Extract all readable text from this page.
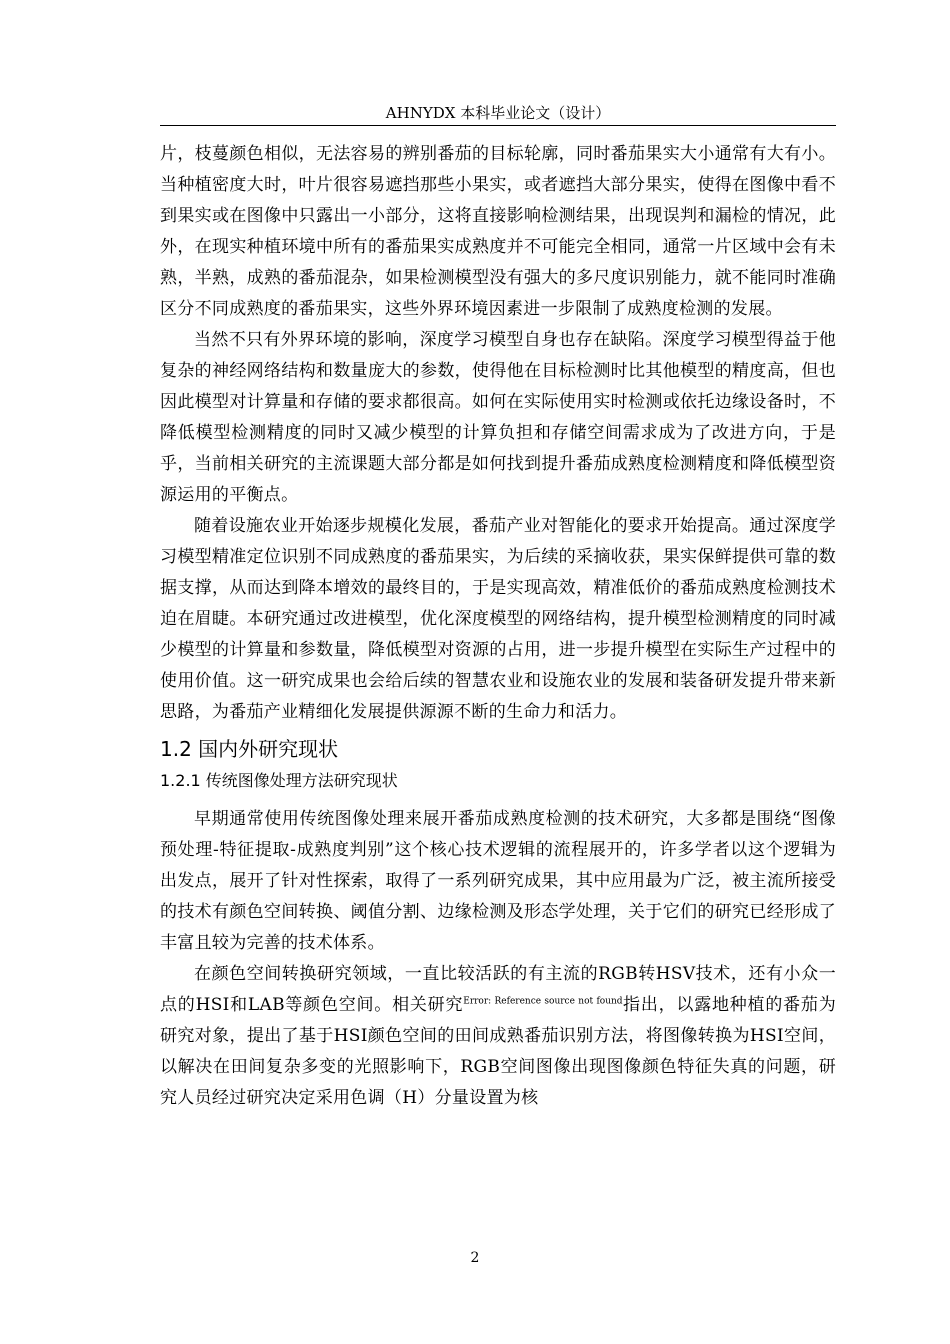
AHNYDX 本科毕业论文（设计）

片，枝蔓颜色相似，无法容易的辨别番茄的目标轮廓，同时番茄果实大小通常有大有小。当种植密度大时，叶片很容易遮挡那些小果实，或者遮挡大部分果实，使得在图像中看不到果实或在图像中只露出一小部分，这将直接影响检测结果，出现误判和漏检的情况，此外，在现实种植环境中所有的番茄果实成熟度并不可能完全相同，通常一片区域中会有未熟，半熟，成熟的番茄混杂，如果检测模型没有强大的多尺度识别能力，就不能同时准确区分不同成熟度的番茄果实，这些外界环境因素进一步限制了成熟度检测的发展。

当然不只有外界环境的影响，深度学习模型自身也存在缺陷。深度学习模型得益于他复杂的神经网络结构和数量庞大的参数，使得他在目标检测时比其他模型的精度高，但也因此模型对计算量和存储的要求都很高。如何在实际使用实时检测或依托边缘设备时，不降低模型检测精度的同时又减少模型的计算负担和存储空间需求成为了改进方向，于是乎，当前相关研究的主流课题大部分都是如何找到提升番茄成熟度检测精度和降低模型资源运用的平衡点。

随着设施农业开始逐步规模化发展，番茄产业对智能化的要求开始提高。通过深度学习模型精准定位识别不同成熟度的番茄果实，为后续的采摘收获，果实保鲜提供可靠的数据支撑，从而达到降本增效的最终目的，于是实现高效，精准低价的番茄成熟度检测技术迫在眉睫。本研究通过改进模型，优化深度模型的网络结构，提升模型检测精度的同时减少模型的计算量和参数量，降低模型对资源的占用，进一步提升模型在实际生产过程中的使用价值。这一研究成果也会给后续的智慧农业和设施农业的发展和装备研发提升带来新思路，为番茄产业精细化发展提供源源不断的生命力和活力。

1.2 国内外研究现状
1.2.1 传统图像处理方法研究现状

早期通常使用传统图像处理来展开番茄成熟度检测的技术研究，大多都是围绕“图像预处理-特征提取-成熟度判别”这个核心技术逻辑的流程展开的，许多学者以这个逻辑为出发点，展开了针对性探索，取得了一系列研究成果，其中应用最为广泛，被主流所接受的技术有颜色空间转换、阈值分割、边缘检测及形态学处理，关于它们的研究已经形成了丰富且较为完善的技术体系。

在颜色空间转换研究领域，一直比较活跃的有主流的RGB转HSV技术，还有小众一点的HSI和LAB等颜色空间。相关研究$^{Error: Reference source not found}$指出，以露地种植的番茄为研究对象，提出了基于HSI颜色空间的田间成熟番茄识别方法，将图像转换为HSI空间，以解决在田间复杂多变的光照影响下，RGB空间图像出现图像颜色特征失真的问题，研究人员经过研究决定采用色调（H）分量设置为核

2
